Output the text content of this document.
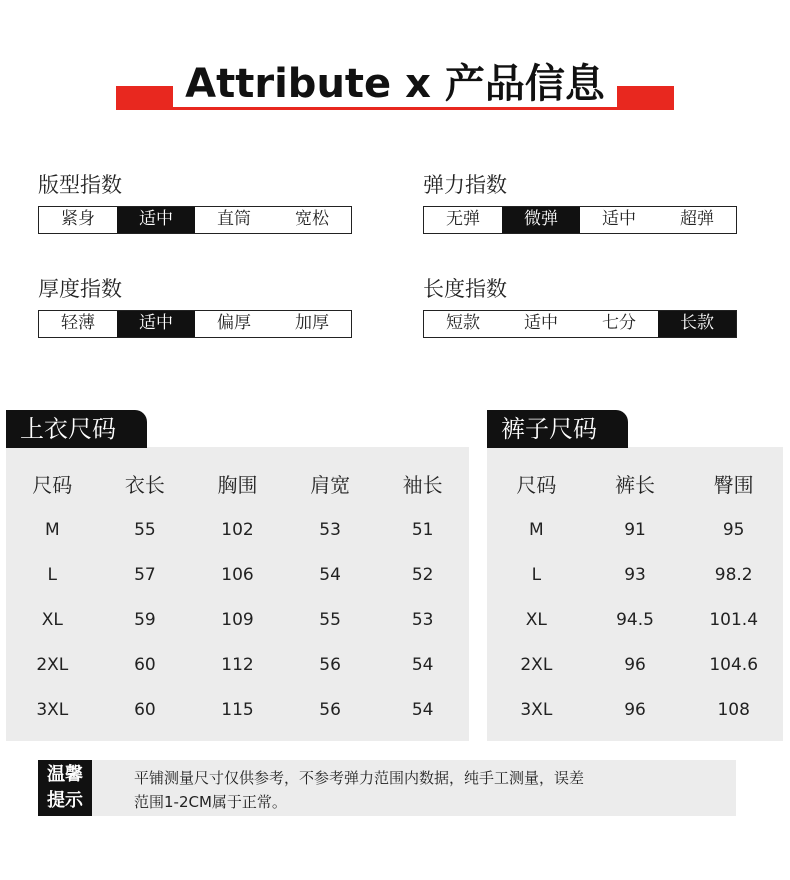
Attribute x 产品信息
版型指数
紧身	适中	直筒	宽松
弹力指数
无弹	微弹	适中	超弹
厚度指数
轻薄	适中	偏厚	加厚
长度指数
短款	适中	七分	长款
尺码	衣长	胸围	肩宽	袖长
M	55	102	53	51
L	57	106	54	52
XL	59	109	55	53
2XL	60	112	56	54
3XL	60	115	56	54
上衣尺码
尺码	裤长	臀围
M	91	95
L	93	98.2
XL	94.5	101.4
2XL	96	104.6
3XL	96	108
裤子尺码
温馨
提示
平铺测量尺寸仅供参考，不参考弹力范围内数据，纯手工测量，误差
范围1-2CM属于正常。
